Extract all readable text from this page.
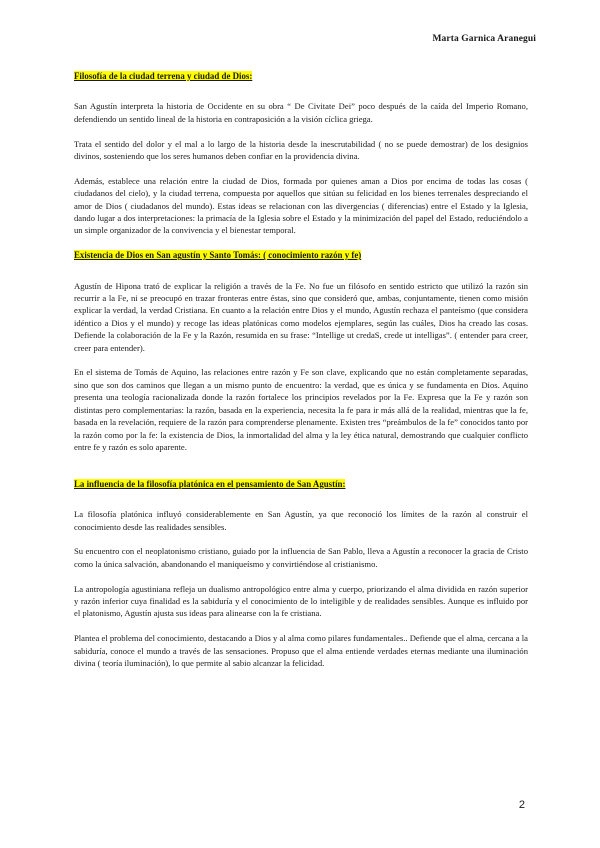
Marta Garnica Aranegui

Filosofía de la ciudad terrena y ciudad de Dios:

San Agustín interpreta la historia de Occidente en su obra “ De Civitate Dei” poco después de la caída del Imperio Romano, defendiendo un sentido lineal de la historia en contraposición a la visión cíclica griega.

Trata el sentido del dolor y el mal a lo largo de la historia desde la inescrutabilidad ( no se puede demostrar) de los designios divinos, sosteniendo que los seres humanos deben confiar en la providencia divina.

Además, establece una relación entre la ciudad de Dios, formada por quienes aman a Dios por encima de todas las cosas ( ciudadanos del cielo), y la ciudad terrena, compuesta por aquellos que sitúan su felicidad en los bienes terrenales despreciando el amor de Dios ( ciudadanos del mundo). Estas ideas se relacionan con las divergencias ( diferencias) entre el Estado y la Iglesia, dando lugar a dos interpretaciones: la primacía de la Iglesia sobre el Estado y la minimización del papel del Estado, reduciéndolo a un simple organizador de la convivencia y el bienestar temporal.

Existencia de Dios en San agustín y Santo Tomás: ( conocimiento razón y fe)

Agustín de Hipona trató de explicar la religión a través de la Fe. No fue un filósofo en sentido estricto que utilizó la razón sin recurrir a la Fe, ni se preocupó en trazar fronteras entre éstas, sino que consideró que, ambas, conjuntamente, tienen como misión explicar la verdad, la verdad Cristiana. En cuanto a la relación entre Dios y el mundo, Agustín rechaza el panteísmo (que considera idéntico a Dios y el mundo) y recoge las ideas platónicas como modelos ejemplares, según las cuáles, Dios ha creado las cosas. Defiende la colaboración de la Fe y la Razón, resumida en su frase: “Intellige ut credaS, crede ut intelligas”. ( entender para creer, creer para entender).

En el sistema de Tomás de Aquino, las relaciones entre razón y Fe son clave, explicando que no están completamente separadas, sino que son dos caminos que llegan a un mismo punto de encuentro: la verdad, que es única y se fundamenta en Dios. Aquino presenta una teología racionalizada donde la razón fortalece los principios revelados por la Fe. Expresa que la Fe y razón son distintas pero complementarias: la razón, basada en la experiencia, necesita la fe para ir más allá de la realidad, mientras que la fe, basada en la revelación, requiere de la razón para comprenderse plenamente. Existen tres “preámbulos de la fe” conocidos tanto por la razón como por la fe: la existencia de Dios, la inmortalidad del alma y la ley ética natural, demostrando que cualquier conflicto entre fe y razón es solo aparente.

La influencia de la filosofía platónica en el pensamiento de San Agustín:

La filosofía platónica influyó considerablemente en San Agustín, ya que reconoció los límites de la razón al construir el conocimiento desde las realidades sensibles.

Su encuentro con el neoplatonismo cristiano, guiado por la influencia de San Pablo, lleva a Agustín a reconocer la gracia de Cristo como la única salvación, abandonando el maniqueísmo y convirtiéndose al cristianismo.

La antropología agustiniana refleja un dualismo antropológico entre alma y cuerpo, priorizando el alma dividida en razón superior y razón inferior cuya finalidad es la sabiduría y el conocimiento de lo inteligible y de realidades sensibles. Aunque es influido por el platonismo, Agustín ajusta sus ideas para alinearse con la fe cristiana.

Plantea el problema del conocimiento, destacando a Dios y al alma como pilares fundamentales.. Defiende que el alma, cercana a la sabiduría, conoce el mundo a través de las sensaciones. Propuso que el alma entiende verdades eternas mediante una iluminación divina ( teoría iluminación), lo que permite al sabio alcanzar la felicidad.

2
